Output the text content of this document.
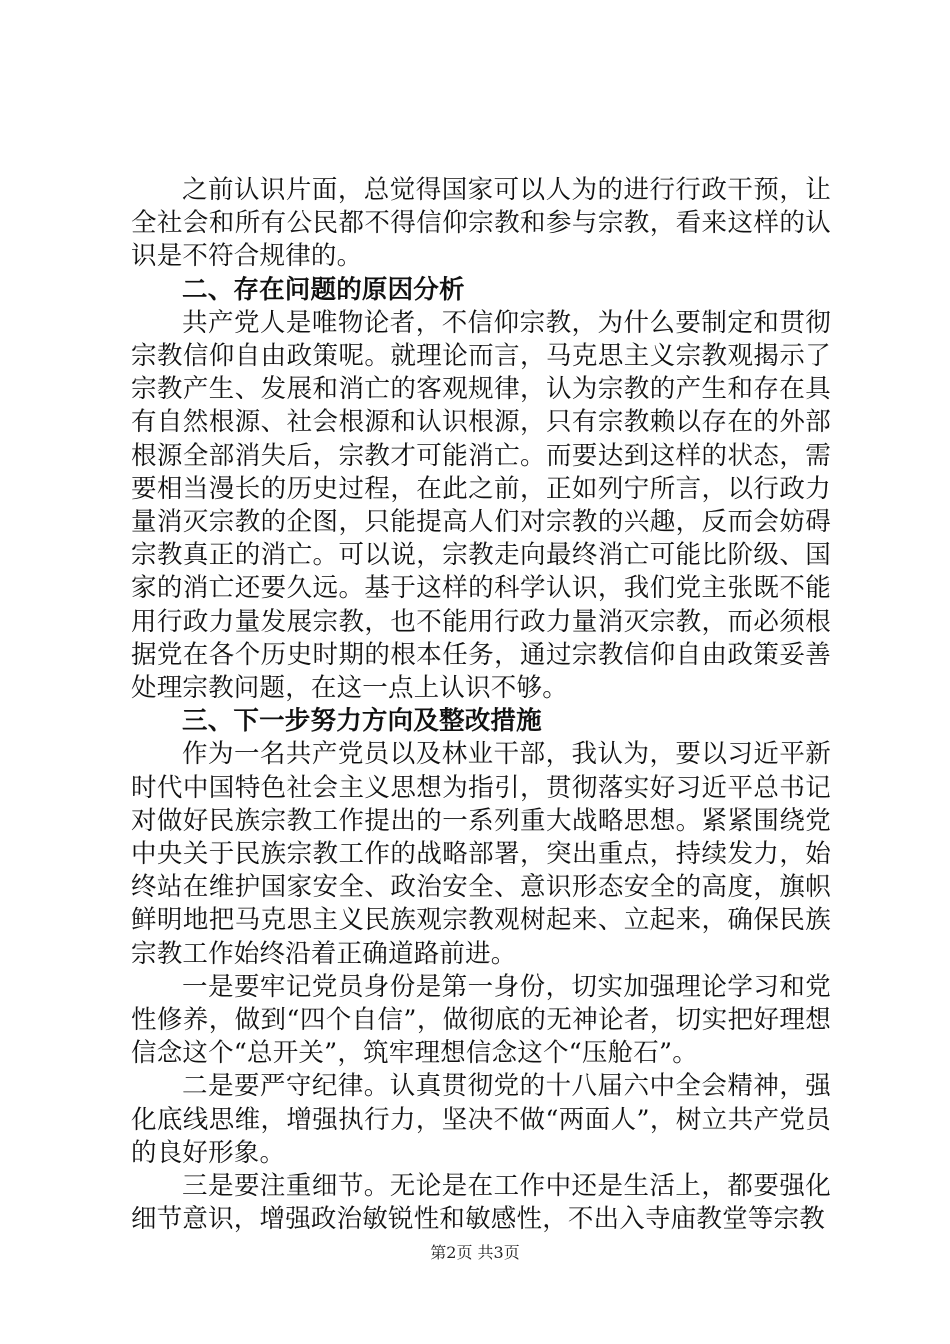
之前认识片面，总觉得国家可以人为的进行行政干预，让全社会和所有公民都不得信仰宗教和参与宗教，看来这样的认识是不符合规律的。

二、存在问题的原因分析

共产党人是唯物论者，不信仰宗教，为什么要制定和贯彻宗教信仰自由政策呢。就理论而言，马克思主义宗教观揭示了宗教产生、发展和消亡的客观规律，认为宗教的产生和存在具有自然根源、社会根源和认识根源，只有宗教赖以存在的外部根源全部消失后，宗教才可能消亡。而要达到这样的状态，需要相当漫长的历史过程，在此之前，正如列宁所言，以行政力量消灭宗教的企图，只能提高人们对宗教的兴趣，反而会妨碍宗教真正的消亡。可以说，宗教走向最终消亡可能比阶级、国家的消亡还要久远。基于这样的科学认识，我们党主张既不能用行政力量发展宗教，也不能用行政力量消灭宗教，而必须根据党在各个历史时期的根本任务，通过宗教信仰自由政策妥善处理宗教问题，在这一点上认识不够。

三、下一步努力方向及整改措施

作为一名共产党员以及林业干部，我认为，要以习近平新时代中国特色社会主义思想为指引，贯彻落实好习近平总书记对做好民族宗教工作提出的一系列重大战略思想。紧紧围绕党中央关于民族宗教工作的战略部署，突出重点，持续发力，始终站在维护国家安全、政治安全、意识形态安全的高度，旗帜鲜明地把马克思主义民族观宗教观树起来、立起来，确保民族宗教工作始终沿着正确道路前进。

一是要牢记党员身份是第一身份，切实加强理论学习和党性修养，做到“四个自信”，做彻底的无神论者，切实把好理想信念这个“总开关”，筑牢理想信念这个“压舱石”。

二是要严守纪律。认真贯彻党的十八届六中全会精神，强化底线思维，增强执行力，坚决不做“两面人”，树立共产党员的良好形象。

三是要注重细节。无论是在工作中还是生活上，都要强化细节意识，增强政治敏锐性和敏感性，不出入寺庙教堂等宗教

第2页 共3页
